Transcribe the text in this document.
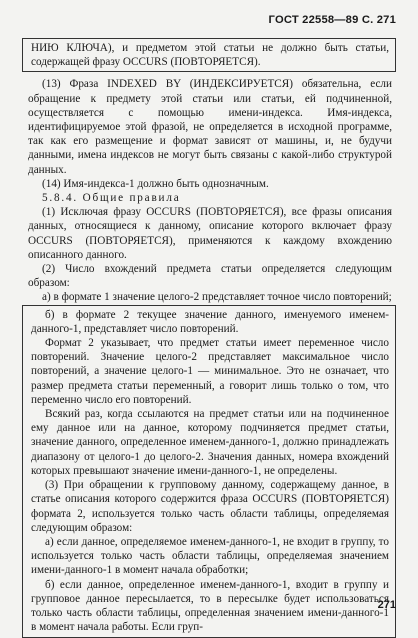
ГОСТ 22558—89 С. 271

НИЮ КЛЮЧА), и предметом этой статьи не должно быть статьи, содержащей фразу OCCURS (ПОВТОРЯЕТСЯ).

(13) Фраза INDEXED BY (ИНДЕКСИРУЕТСЯ) обязательна, если обращение к предмету этой статьи или статьи, ей подчиненной, осуществляется с помощью имени-индекса. Имя-индекса, идентифицируемое этой фразой, не определяется в исходной программе, так как его размещение и формат зависят от машины, и, не будучи данными, имена индексов не могут быть связаны с какой-либо структурой данных.

(14) Имя-индекса-1 должно быть однозначным.

5.8.4. Общие правила

(1) Исключая фразу OCCURS (ПОВТОРЯЕТСЯ), все фразы описания данных, относящиеся к данному, описание которого включает фразу OCCURS (ПОВТОРЯЕТСЯ), применяются к каждому вхождению описанного данного.

(2) Число вхождений предмета статьи определяется следующим образом:

а) в формате 1 значение целого-2 представляет точное число повторений;

б) в формате 2 текущее значение данного, именуемого именем-данного-1, представляет число повторений.

Формат 2 указывает, что предмет статьи имеет переменное число повторений. Значение целого-2 представляет максимальное число повторений, а значение целого-1 — минимальное. Это не означает, что размер предмета статьи переменный, а говорит лишь только о том, что переменно число его повторений.

Всякий раз, когда ссылаются на предмет статьи или на подчиненное ему данное или на данное, которому подчиняется предмет статьи, значение данного, определенное именем-данного-1, должно принадлежать диапазону от целого-1 до целого-2. Значения данных, номера вхождений которых превышают значение имени-данного-1, не определены.

(3) При обращении к групповому данному, содержащему данное, в статье описания которого содержится фраза OCCURS (ПОВТОРЯЕТСЯ) формата 2, используется только часть области таблицы, определяемая следующим образом:

а) если данное, определяемое именем-данного-1, не входит в группу, то используется только часть области таблицы, определяемая значением имени-данного-1 в момент начала обработки;

б) если данное, определенное именем-данного-1, входит в группу и групповое данное пересылается, то в пересылке будет использоваться только часть области таблицы, определенная значением имени-данного-1 в момент начала работы. Если груп-

271
